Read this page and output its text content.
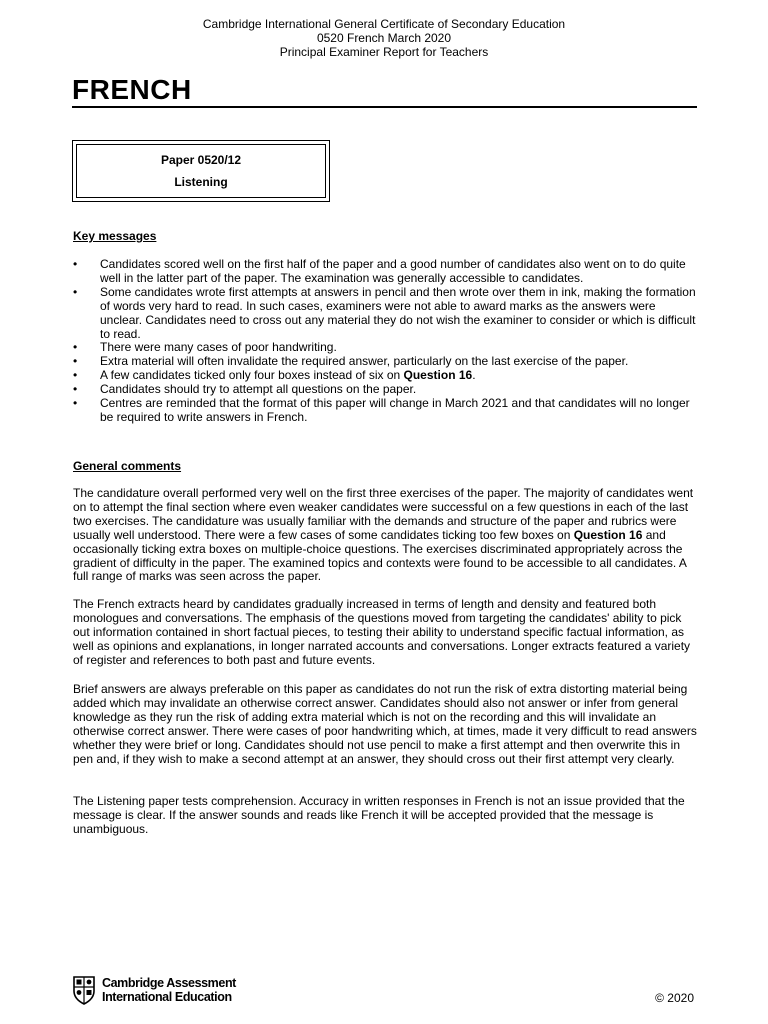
Cambridge International General Certificate of Secondary Education
0520 French March 2020
Principal Examiner Report for Teachers
FRENCH
Paper 0520/12
Listening
Key messages
• Candidates scored well on the first half of the paper and a good number of candidates also went on to do quite well in the latter part of the paper. The examination was generally accessible to candidates.
• Some candidates wrote first attempts at answers in pencil and then wrote over them in ink, making the formation of words very hard to read. In such cases, examiners were not able to award marks as the answers were unclear. Candidates need to cross out any material they do not wish the examiner to consider or which is difficult to read.
• There were many cases of poor handwriting.
• Extra material will often invalidate the required answer, particularly on the last exercise of the paper.
• A few candidates ticked only four boxes instead of six on Question 16.
• Candidates should try to attempt all questions on the paper.
• Centres are reminded that the format of this paper will change in March 2021 and that candidates will no longer be required to write answers in French.
General comments

The candidature overall performed very well on the first three exercises of the paper. The majority of candidates went on to attempt the final section where even weaker candidates were successful on a few questions in each of the last two exercises. The candidature was usually familiar with the demands and structure of the paper and rubrics were usually well understood. There were a few cases of some candidates ticking too few boxes on Question 16 and occasionally ticking extra boxes on multiple-choice questions. The exercises discriminated appropriately across the gradient of difficulty in the paper. The examined topics and contexts were found to be accessible to all candidates. A full range of marks was seen across the paper.

The French extracts heard by candidates gradually increased in terms of length and density and featured both monologues and conversations. The emphasis of the questions moved from targeting the candidates' ability to pick out information contained in short factual pieces, to testing their ability to understand specific factual information, as well as opinions and explanations, in longer narrated accounts and conversations. Longer extracts featured a variety of register and references to both past and future events.

Brief answers are always preferable on this paper as candidates do not run the risk of extra distorting material being added which may invalidate an otherwise correct answer. Candidates should also not answer or infer from general knowledge as they run the risk of adding extra material which is not on the recording and this will invalidate an otherwise correct answer. There were cases of poor handwriting which, at times, made it very difficult to read answers whether they were brief or long. Candidates should not use pencil to make a first attempt and then overwrite this in pen and, if they wish to make a second attempt at an answer, they should cross out their first attempt very clearly.

The Listening paper tests comprehension. Accuracy in written responses in French is not an issue provided that the message is clear. If the answer sounds and reads like French it will be accepted provided that the message is unambiguous.

Cambridge Assessment
International Education	© 2020
